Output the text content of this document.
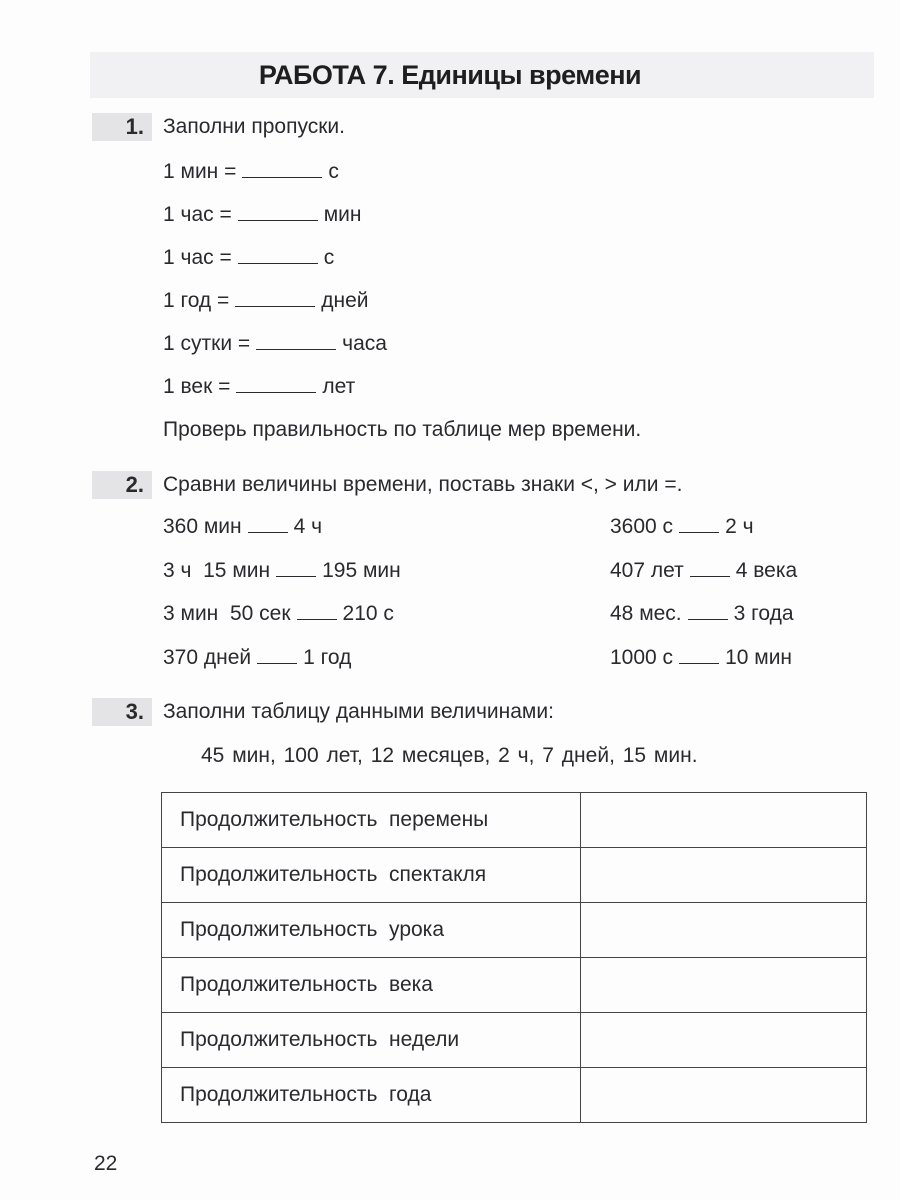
РАБОТА 7. Единицы времени
1. Заполни пропуски.
1 мин =	с
1 час =	мин
1 час =	с
1 год =	дней
1 сутки =	часа
1 век =	лет
Проверь правильность по таблице мер времени.
2. Сравни величины времени, поставь знаки <, > или =.
360 мин 4 ч
3 ч  15 мин 195 мин
3 мин  50 сек 210 с
370 дней 1 год
3600 с 2 ч
407 лет 4 века
48 мес. 3 года
1000 с 10 мин
3. Заполни таблицу данными величинами:
45 мин, 100 лет, 12 месяцев, 2 ч, 7 дней, 15 мин.
Продолжительность  перемены	
Продолжительность  спектакля	
Продолжительность  урока	
Продолжительность  века	
Продолжительность  недели	
Продолжительность  года	
22
